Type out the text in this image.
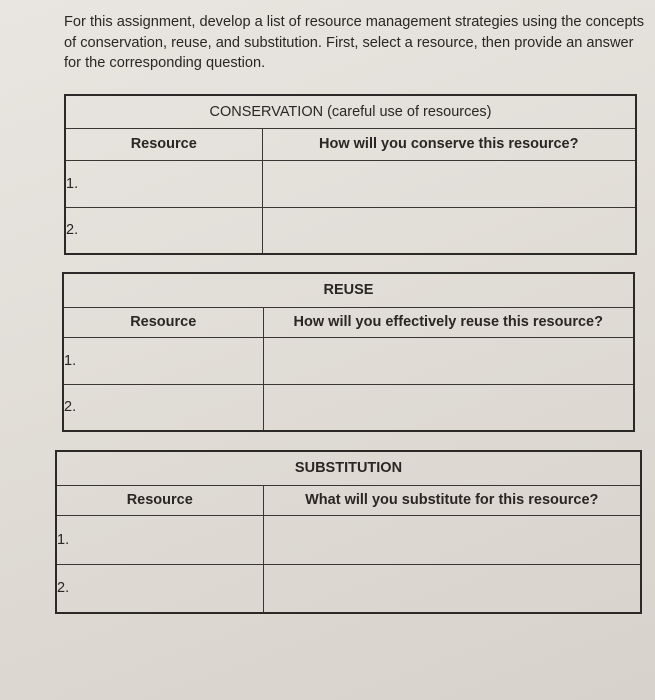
For this assignment, develop a list of resource management strategies using the concepts of conservation, reuse, and substitution. First, select a resource, then provide an answer for the corresponding question.

CONSERVATION (careful use of resources)	
Resource	How will you conserve this resource?
1.	
2.	
REUSE	
Resource	How will you effectively reuse this resource?
1.	
2.	
SUBSTITUTION	
Resource	What will you substitute for this resource?
1.	
2.	
